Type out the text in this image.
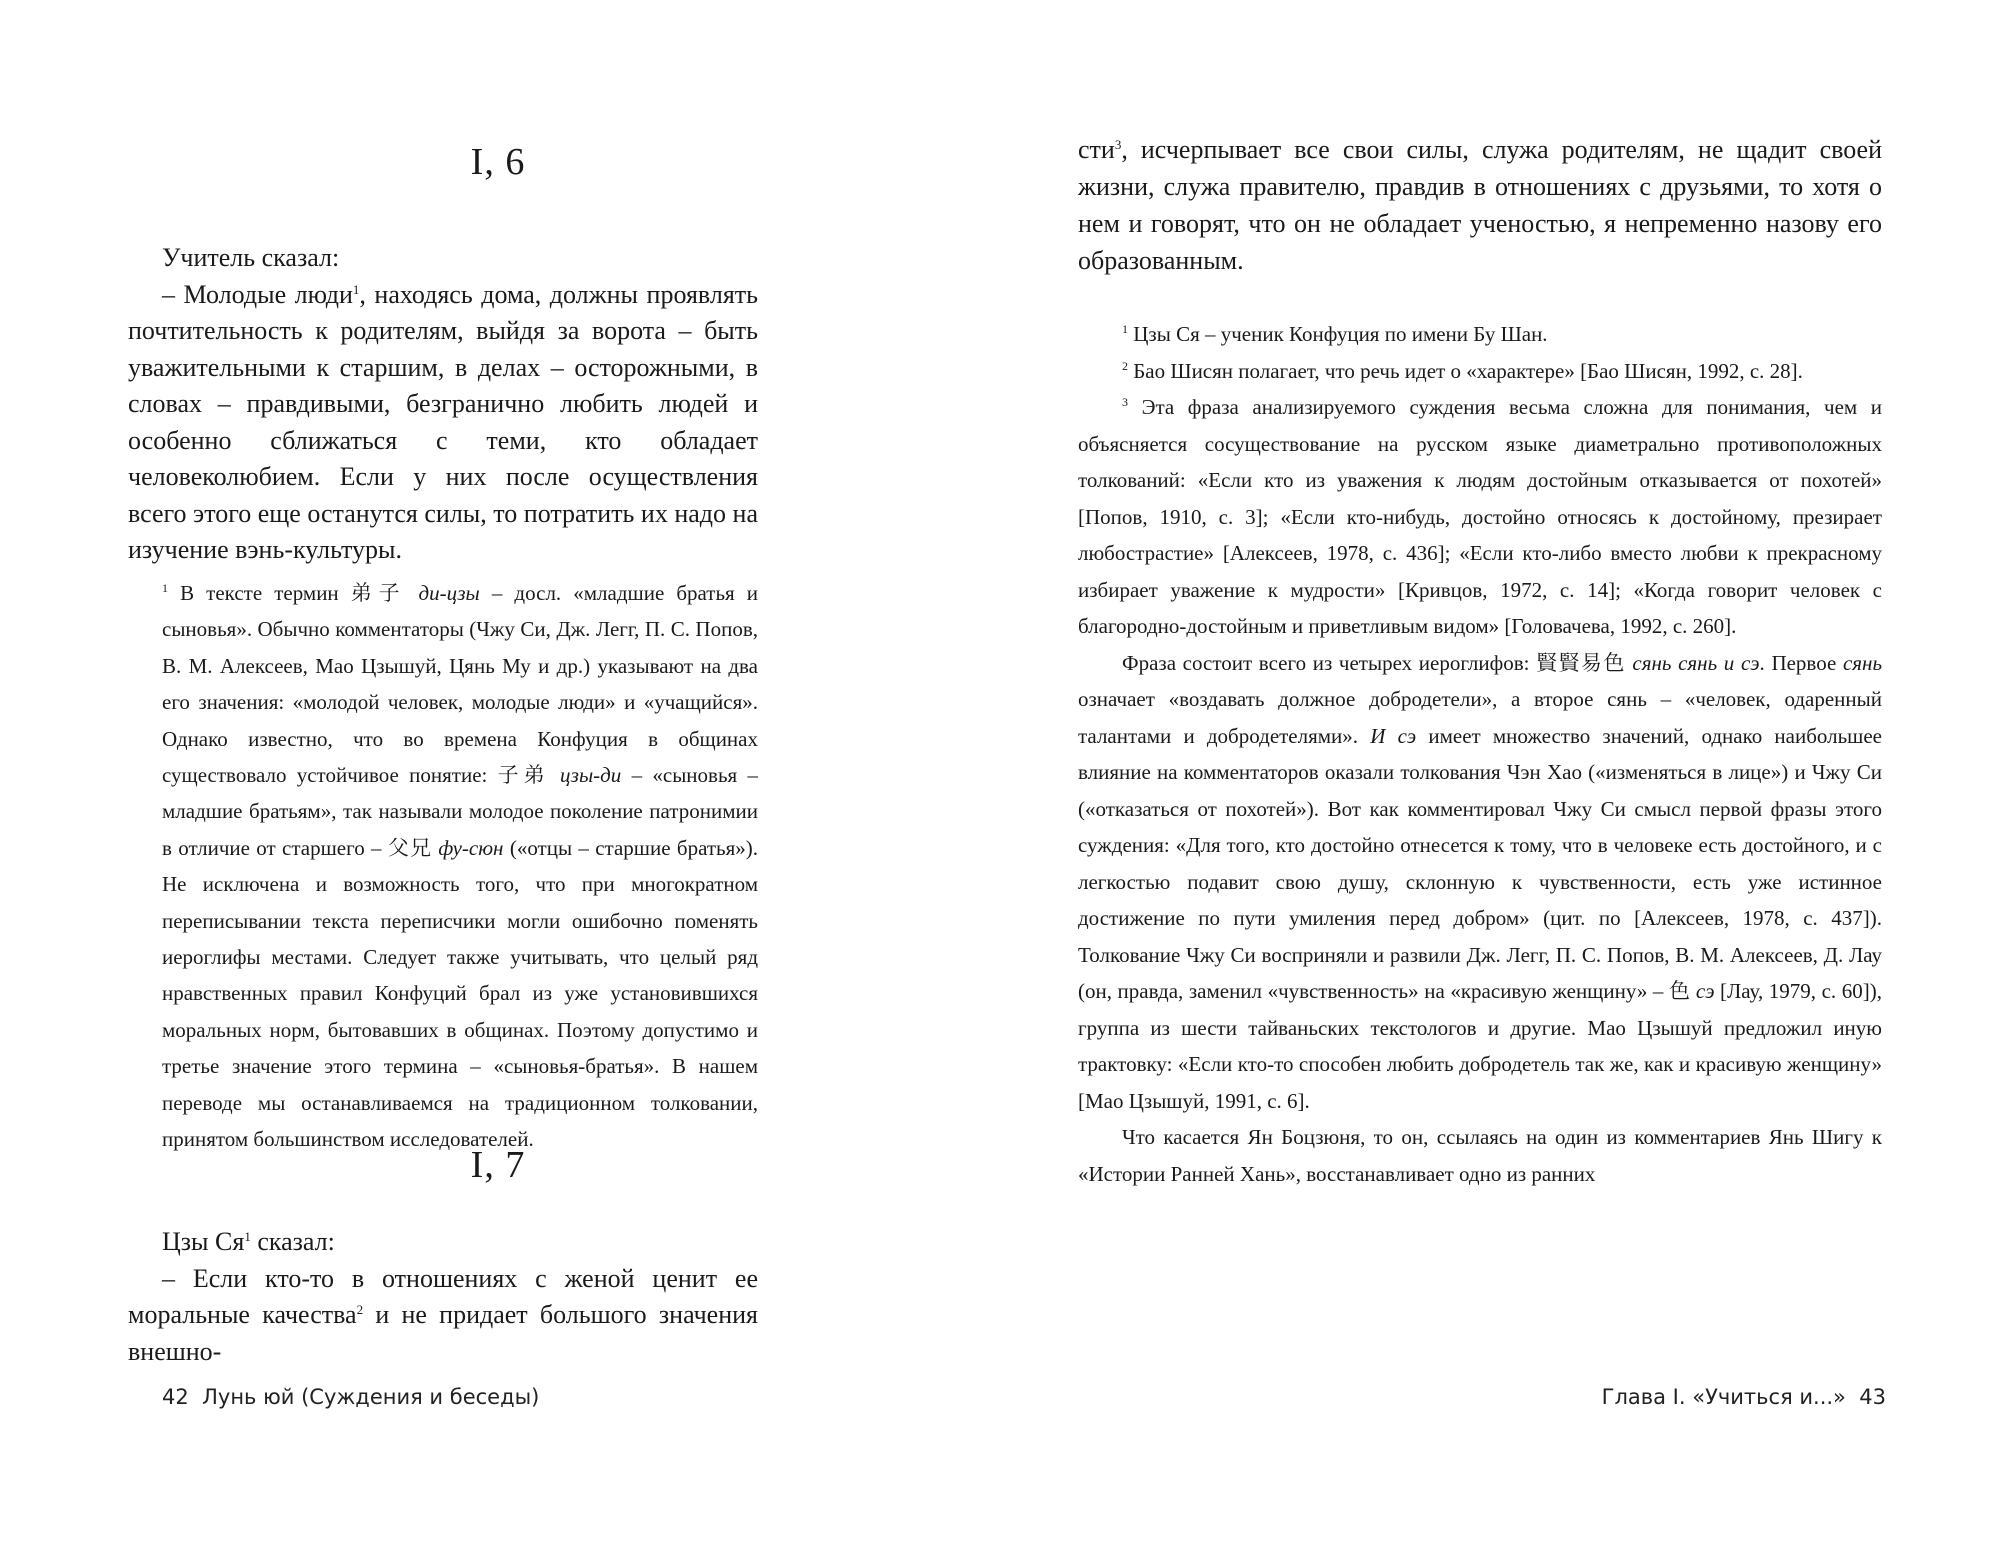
I, 6

Учитель сказал:

– Молодые люди$^1$, находясь дома, должны проявлять почтительность к родителям, выйдя за ворота – быть уважительными к старшим, в делах – осторожными, в словах – правдивыми, безгранично любить людей и особенно сближаться с теми, кто обладает человеколюбием. Если у них после осуществления всего этого еще останутся силы, то потратить их надо на изучение вэнь-культуры.

$^1$ В тексте термин 弟子 ди-цзы – досл. «младшие братья и сыновья». Обычно комментаторы (Чжу Си, Дж. Легг, П. С. Попов, В. М. Алексеев, Мао Цзышуй, Цянь Му и др.) указывают на два его значения: «молодой человек, молодые люди» и «учащийся». Однако известно, что во времена Конфуция в общинах существовало устойчивое понятие: 子弟 цзы-ди – «сыновья – младшие братьям», так называли молодое поколение патронимии в отличие от старшего – 父兄 фу-сюн («отцы – старшие братья»). Не исключена и возможность того, что при многократном переписывании текста переписчики могли ошибочно поменять иероглифы местами. Следует также учитывать, что целый ряд нравственных правил Конфуций брал из уже установившихся моральных норм, бытовавших в общинах. Поэтому допустимо и третье значение этого термина – «сыновья-братья». В нашем переводе мы останавливаемся на традиционном толковании, принятом большинством исследователей.

I, 7

Цзы $Ся^1$ сказал:

– Если кто-то в отношениях с женой ценит ее моральные качества$^2$ и не придает большого значения внешно-

42 Лунь юй (Суждения и беседы)

сти$^3$, исчерпывает все свои силы, служа родителям, не щадит своей жизни, служа правителю, правдив в отношениях с друзьями, то хотя о нем и говорят, что он не обладает ученостью, я непременно назову его образованным.

$^1$ Цзы Ся – ученик Конфуция по имени Бу Шан.

$^2$ Бао Шисян полагает, что речь идет о «характере» [Бао Шисян, 1992, с. 28].

$^3$ Эта фраза анализируемого суждения весьма сложна для понимания, чем и объясняется сосуществование на русском языке диаметрально противоположных толкований: «Если кто из уважения к людям достойным отказывается от похотей» [Попов, 1910, с. 3]; «Если кто-нибудь, достойно относясь к достойному, презирает любострастие» [Алексеев, 1978, с. 436]; «Если кто-либо вместо любви к прекрасному избирает уважение к мудрости» [Кривцов, 1972, с. 14]; «Когда говорит человек с благородно-достойным и приветливым видом» [Головачева, 1992, с. 260].

Фраза состоит всего из четырех иероглифов: 賢賢易色 сянь сянь и сэ. Первое сянь означает «воздавать должное добродетели», а второе сянь – «человек, одаренный талантами и добродетелями». И сэ имеет множество значений, однако наибольшее влияние на комментаторов оказали толкования Чэн Хао («изменяться в лице») и Чжу Си («отказаться от похотей»). Вот как комментировал Чжу Си смысл первой фразы этого суждения: «Для того, кто достойно отнесется к тому, что в человеке есть достойного, и с легкостью подавит свою душу, склонную к чувственности, есть уже истинное достижение по пути умиления перед добром» (цит. по [Алексеев, 1978, с. 437]). Толкование Чжу Си восприняли и развили Дж. Легг, П. С. Попов, В. М. Алексеев, Д. Лау (он, правда, заменил «чувственность» на «красивую женщину» – 色 сэ [Лау, 1979, с. 60]), группа из шести тайваньских текстологов и другие. Мао Цзышуй предложил иную трактовку: «Если кто-то способен любить добродетель так же, как и красивую женщину» [Мао Цзышуй, 1991, с. 6].

Что касается Ян Боцзюня, то он, ссылаясь на один из комментариев Янь Шигу к «Истории Ранней Хань», восстанавливает одно из ранних

Глава I. «Учиться и...» 43
